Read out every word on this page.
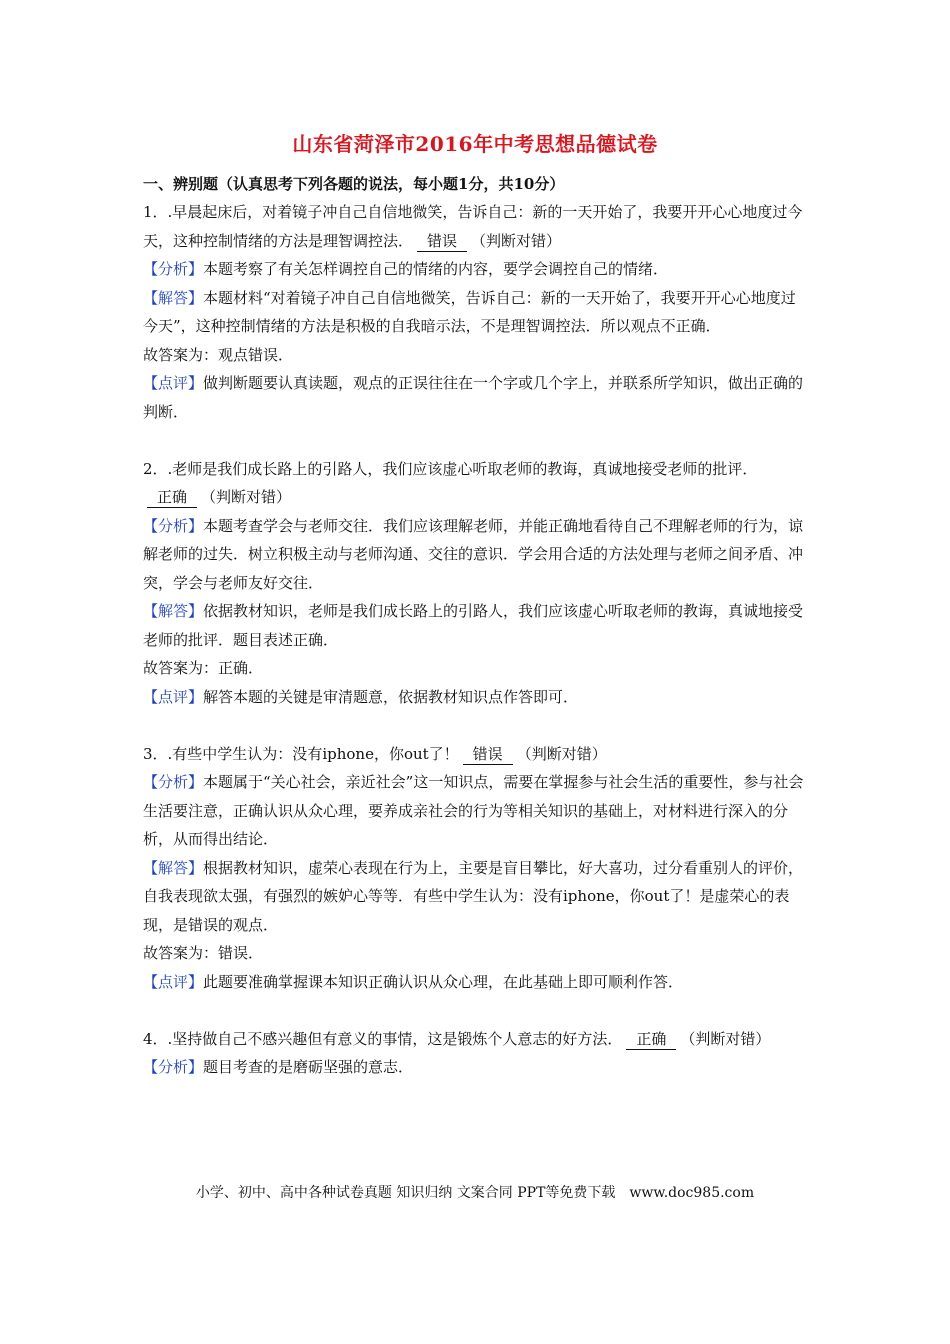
山东省菏泽市2016年中考思想品德试卷
一、辨别题（认真思考下列各题的说法，每小题1分，共10分）

1．.早晨起床后，对着镜子冲自己自信地微笑，告诉自己：新的一天开始了，我要开开心心地度过今天，这种控制情绪的方法是理智调控法． 错误 （判断对错）

【分析】本题考察了有关怎样调控自己的情绪的内容，要学会调控自己的情绪．

【解答】本题材料“对着镜子冲自己自信地微笑，告诉自己：新的一天开始了，我要开开心心地度过今天”，这种控制情绪的方法是积极的自我暗示法，不是理智调控法．所以观点不正确．

故答案为：观点错误．

【点评】做判断题要认真读题，观点的正误往往在一个字或几个字上，并联系所学知识，做出正确的判断．

2．.老师是我们成长路上的引路人，我们应该虚心听取老师的教诲，真诚地接受老师的批评．正确 （判断对错）

【分析】本题考查学会与老师交往．我们应该理解老师，并能正确地看待自己不理解老师的行为，谅解老师的过失．树立积极主动与老师沟通、交往的意识．学会用合适的方法处理与老师之间矛盾、冲突，学会与老师友好交往．

【解答】依据教材知识，老师是我们成长路上的引路人，我们应该虚心听取老师的教诲，真诚地接受老师的批评．题目表述正确．

故答案为：正确．

【点评】解答本题的关键是审清题意，依据教材知识点作答即可．

3．.有些中学生认为：没有iphone，你out了！ 错误 （判断对错）

【分析】本题属于“关心社会，亲近社会”这一知识点，需要在掌握参与社会生活的重要性，参与社会生活要注意，正确认识从众心理，要养成亲社会的行为等相关知识的基础上，对材料进行深入的分析，从而得出结论．

【解答】根据教材知识，虚荣心表现在行为上，主要是盲目攀比，好大喜功，过分看重别人的评价，自我表现欲太强，有强烈的嫉妒心等等．有些中学生认为：没有iphone，你out了！是虚荣心的表现，是错误的观点．

故答案为：错误．

【点评】此题要准确掌握课本知识正确认识从众心理，在此基础上即可顺利作答．

4．.坚持做自己不感兴趣但有意义的事情，这是锻炼个人意志的好方法． 正确 （判断对错）

【分析】题目考查的是磨砺坚强的意志．

小学、初中、高中各种试卷真题 知识归纳 文案合同 PPT等免费下载　www.doc985.com
